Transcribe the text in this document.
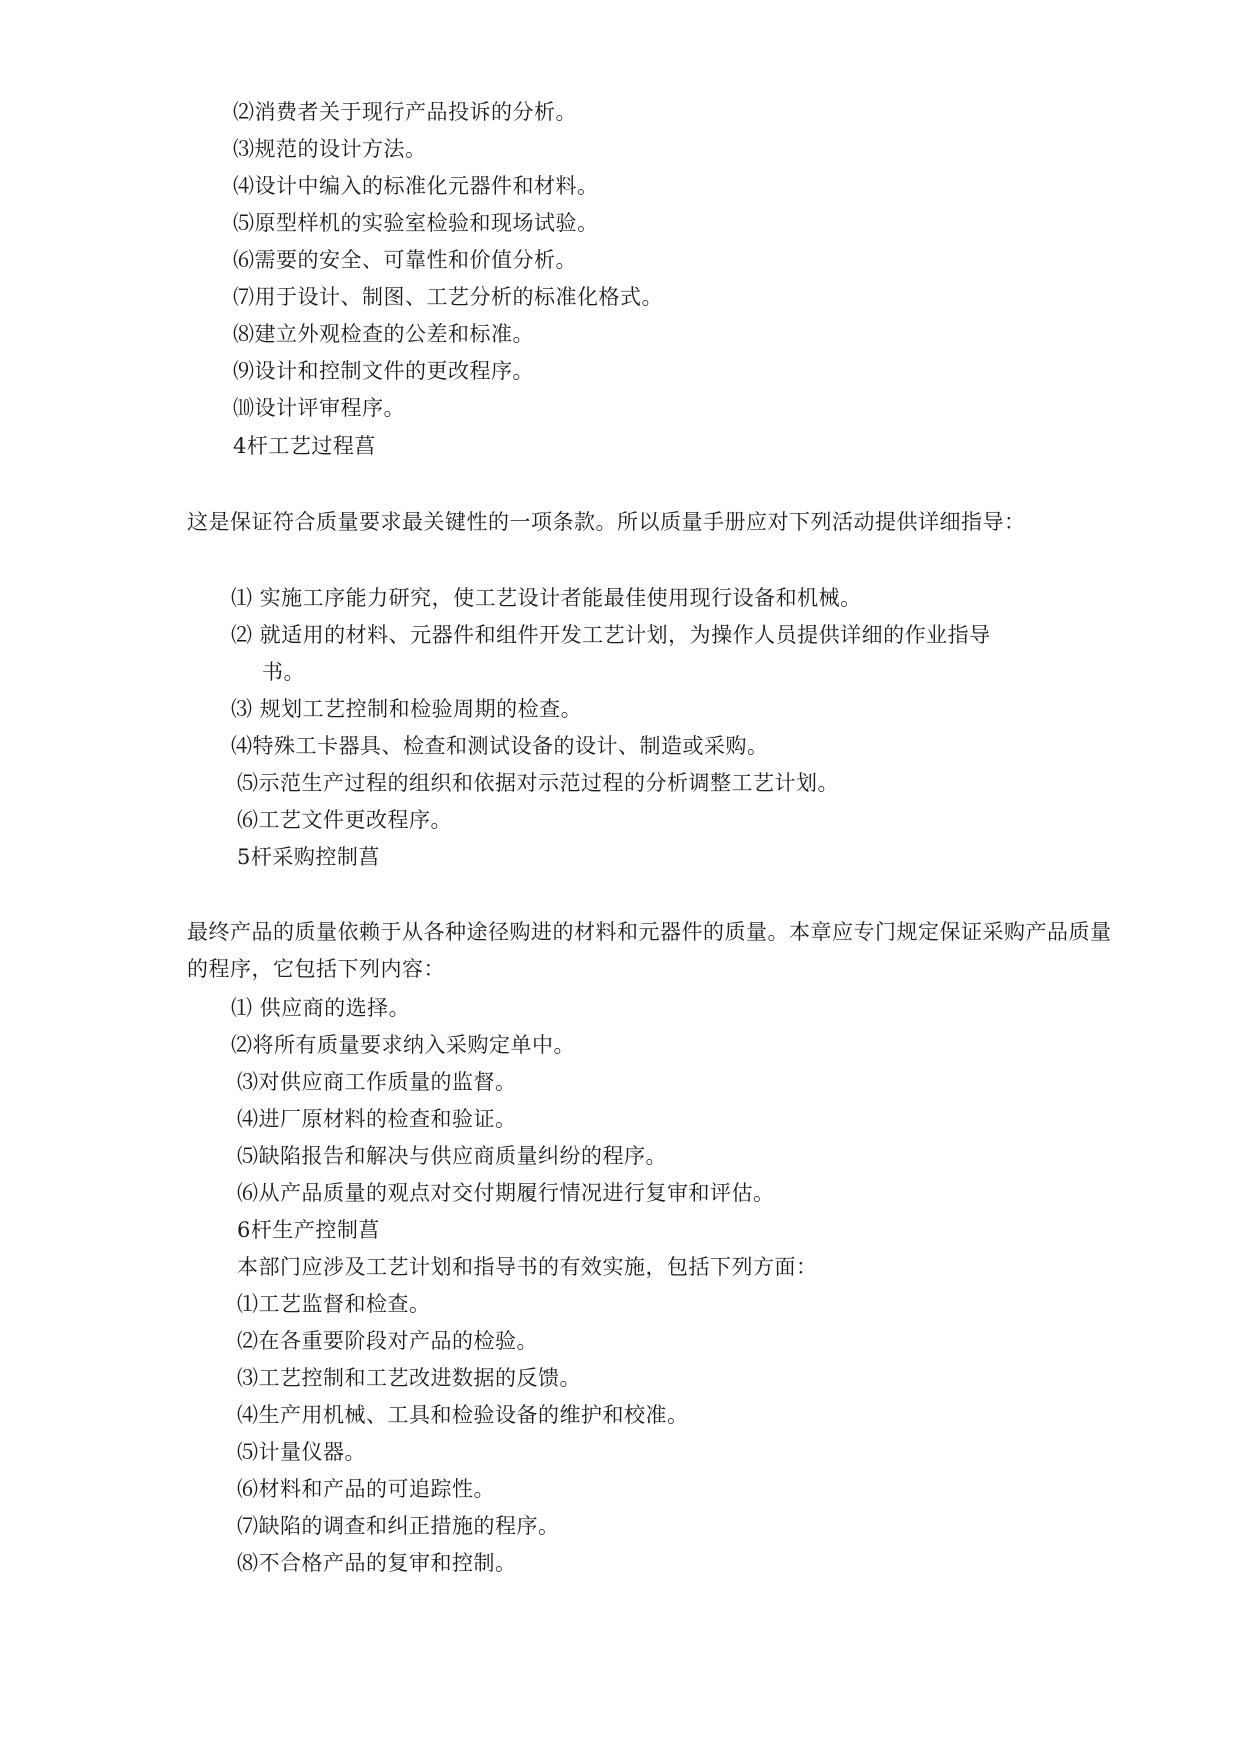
⑵消费者关于现行产品投诉的分析。
⑶规范的设计方法。
⑷设计中编入的标准化元器件和材料。
⑸原型样机的实验室检验和现场试验。
⑹需要的安全、可靠性和价值分析。
⑺用于设计、制图、工艺分析的标准化格式。
⑻建立外观检查的公差和标准。
⑼设计和控制文件的更改程序。
⑽设计评审程序。
4杆工艺过程菖
这是保证符合质量要求最关键性的一项条款。所以质量手册应对下列活动提供详细指导：
⑴ 实施工序能力研究，使工艺设计者能最佳使用现行设备和机械。
⑵ 就适用的材料、元器件和组件开发工艺计划，为操作人员提供详细的作业指导
书。
⑶ 规划工艺控制和检验周期的检查。
⑷特殊工卡器具、检查和测试设备的设计、制造或采购。
⑸示范生产过程的组织和依据对示范过程的分析调整工艺计划。
⑹工艺文件更改程序。
5杆采购控制菖
最终产品的质量依赖于从各种途径购进的材料和元器件的质量。本章应专门规定保证采购产品质量的程序，它包括下列内容：
⑴ 供应商的选择。
⑵将所有质量要求纳入采购定单中。
⑶对供应商工作质量的监督。
⑷进厂原材料的检查和验证。
⑸缺陷报告和解决与供应商质量纠纷的程序。
⑹从产品质量的观点对交付期履行情况进行复审和评估。
6杆生产控制菖
本部门应涉及工艺计划和指导书的有效实施，包括下列方面：
⑴工艺监督和检查。
⑵在各重要阶段对产品的检验。
⑶工艺控制和工艺改进数据的反馈。
⑷生产用机械、工具和检验设备的维护和校准。
⑸计量仪器。
⑹材料和产品的可追踪性。
⑺缺陷的调查和纠正措施的程序。
⑻不合格产品的复审和控制。
